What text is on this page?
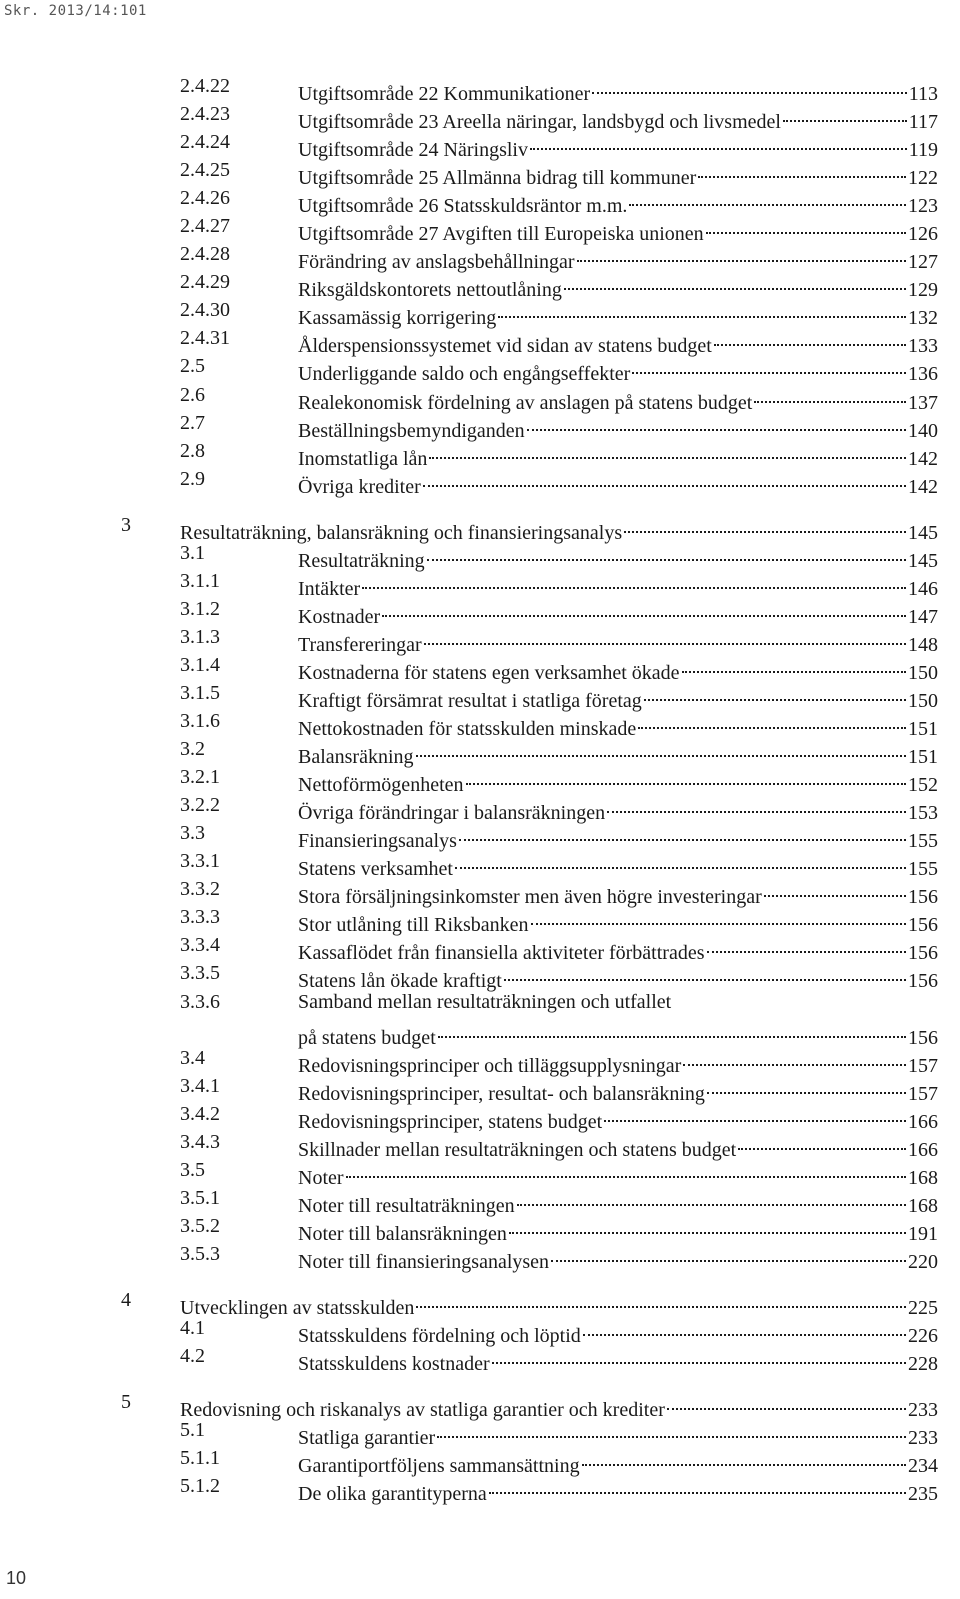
Skr. 2013/14:101
2.4.22	Utgiftsområde 22 Kommunikationer	113
2.4.23	Utgiftsområde 23 Areella näringar, landsbygd och livsmedel	117
2.4.24	Utgiftsområde 24 Näringsliv	119
2.4.25	Utgiftsområde 25 Allmänna bidrag till kommuner	122
2.4.26	Utgiftsområde 26 Statsskuldsräntor m.m.	123
2.4.27	Utgiftsområde 27 Avgiften till Europeiska unionen	126
2.4.28	Förändring av anslagsbehållningar	127
2.4.29	Riksgäldskontorets nettoutlåning	129
2.4.30	Kassamässig korrigering	132
2.4.31	Ålderspensionssystemet vid sidan av statens budget	133
2.5	Underliggande saldo och engångseffekter	136
2.6	Realekonomisk fördelning av anslagen på statens budget	137
2.7	Beställningsbemyndiganden	140
2.8	Inomstatliga lån	142
2.9	Övriga krediter	142
3 Resultaträkning, balansräkning och finansieringsanalys	145
3.1	Resultaträkning	145
3.1.1	Intäkter	146
3.1.2	Kostnader	147
3.1.3	Transfereringar	148
3.1.4	Kostnaderna för statens egen verksamhet ökade	150
3.1.5	Kraftigt försämrat resultat i statliga företag	150
3.1.6	Nettokostnaden för statsskulden minskade	151
3.2	Balansräkning	151
3.2.1	Nettoförmögenheten	152
3.2.2	Övriga förändringar i balansräkningen	153
3.3	Finansieringsanalys	155
3.3.1	Statens verksamhet	155
3.3.2	Stora försäljningsinkomster men även högre investeringar	156
3.3.3	Stor utlåning till Riksbanken	156
3.3.4	Kassaflödet från finansiella aktiviteter förbättrades	156
3.3.5	Statens lån ökade kraftigt	156
3.3.6	Samband mellan resultaträkningen och utfallet
på statens budget	156
3.4	Redovisningsprinciper och tilläggsupplysningar	157
3.4.1	Redovisningsprinciper, resultat- och balansräkning	157
3.4.2	Redovisningsprinciper, statens budget	166
3.4.3	Skillnader mellan resultaträkningen och statens budget	166
3.5	Noter	168
3.5.1	Noter till resultaträkningen	168
3.5.2	Noter till balansräkningen	191
3.5.3	Noter till finansieringsanalysen	220
4 Utvecklingen av statsskulden	225
4.1	Statsskuldens fördelning och löptid	226
4.2	Statsskuldens kostnader	228
5 Redovisning och riskanalys av statliga garantier och krediter	233
5.1	Statliga garantier	233
5.1.1	Garantiportföljens sammansättning	234
5.1.2	De olika garantityperna	235
10
